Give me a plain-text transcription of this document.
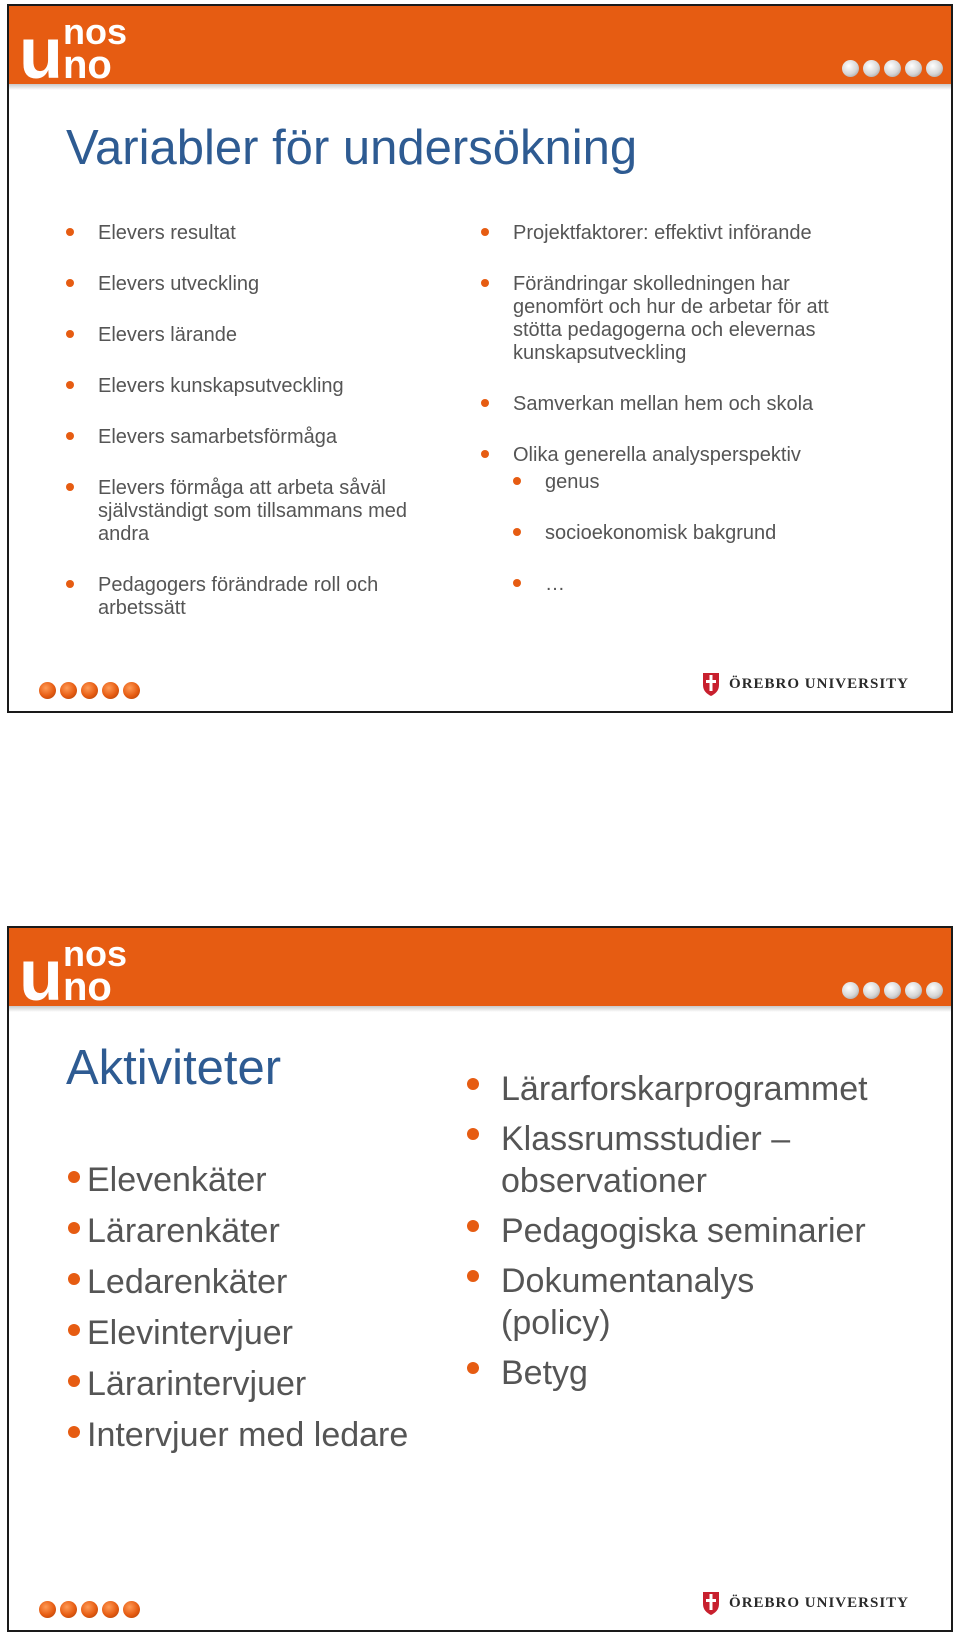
u nos
no
Variabler för undersökning
Elevers resultat
Elevers utveckling
Elevers lärande
Elevers kunskapsutveckling
Elevers samarbetsförmåga
Elevers förmåga att arbeta såväl självständigt som tillsammans med andra
Pedagogers förändrade roll och arbetssätt
Projektfaktorer: effektivt införande
Förändringar skolledningen har genomfört och hur de arbetar för att stötta pedagogerna och elevernas kunskapsutveckling
Samverkan mellan hem och skola
Olika generella analysperspektiv
genus
socioekonomisk bakgrund
…
ÖREBRO UNIVERSITY
u nos
no
Aktiviteter
Elevenkäter
Lärarenkäter
Ledarenkäter
Elevintervjuer
Lärarintervjuer
Intervjuer med ledare
Lärarforskarprogrammet
Klassrumsstudier – observationer
Pedagogiska seminarier
Dokumentanalys (policy)
Betyg
ÖREBRO UNIVERSITY
